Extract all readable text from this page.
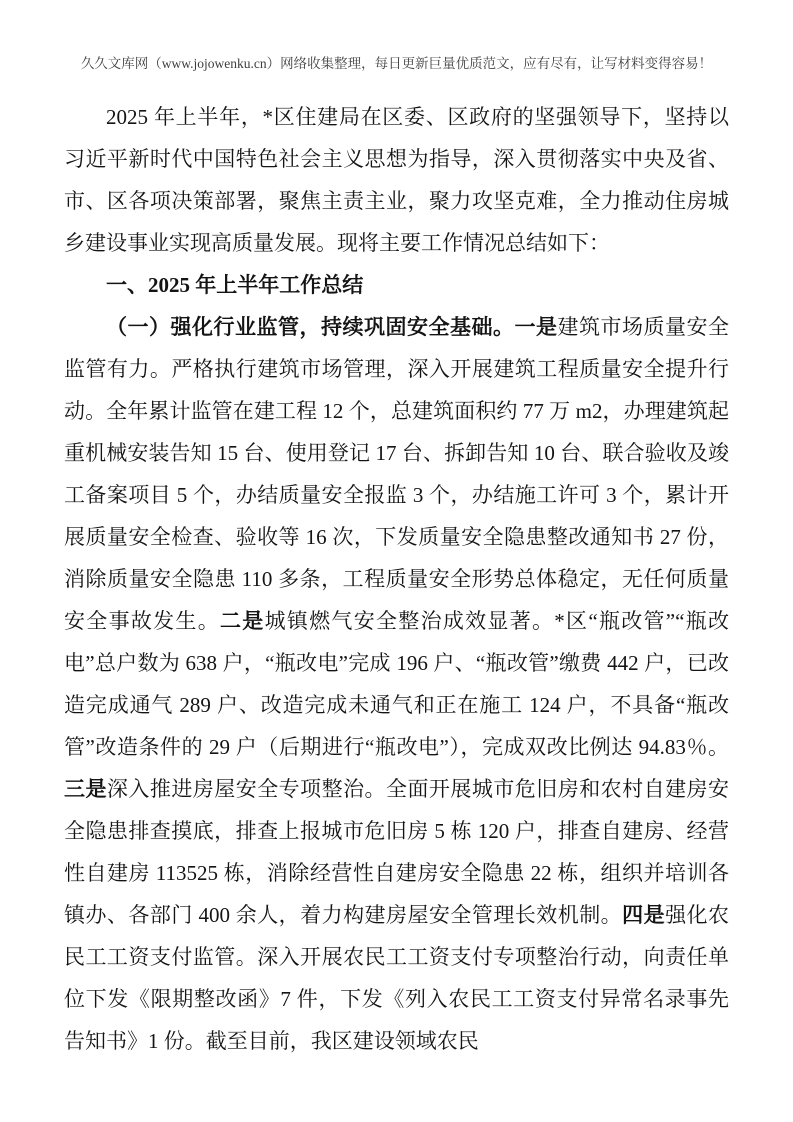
久久文库网（www.jojowenku.cn）网络收集整理，每日更新巨量优质范文，应有尽有，让写材料变得容易！

2025 年上半年，*区住建局在区委、区政府的坚强领导下，坚持以习近平新时代中国特色社会主义思想为指导，深入贯彻落实中央及省、市、区各项决策部署，聚焦主责主业，聚力攻坚克难，全力推动住房城乡建设事业实现高质量发展。现将主要工作情况总结如下：

一、2025 年上半年工作总结

（一）强化行业监管，持续巩固安全基础。一是建筑市场质量安全监管有力。严格执行建筑市场管理，深入开展建筑工程质量安全提升行动。全年累计监管在建工程 12 个，总建筑面积约 77 万 m2，办理建筑起重机械安装告知 15 台、使用登记 17 台、拆卸告知 10 台、联合验收及竣工备案项目 5 个，办结质量安全报监 3 个，办结施工许可 3 个，累计开展质量安全检查、验收等 16 次，下发质量安全隐患整改通知书 27 份，消除质量安全隐患 110 多条，工程质量安全形势总体稳定，无任何质量安全事故发生。二是城镇燃气安全整治成效显著。*区“瓶改管”“瓶改电”总户数为 638 户，“瓶改电”完成 196 户、“瓶改管”缴费 442 户，已改造完成通气 289 户、改造完成未通气和正在施工 124 户，不具备“瓶改管”改造条件的 29 户（后期进行“瓶改电”），完成双改比例达 94.83％。三是深入推进房屋安全专项整治。全面开展城市危旧房和农村自建房安全隐患排查摸底，排查上报城市危旧房 5 栋 120 户，排查自建房、经营性自建房 113525 栋，消除经营性自建房安全隐患 22 栋，组织并培训各镇办、各部门 400 余人，着力构建房屋安全管理长效机制。四是强化农民工工资支付监管。深入开展农民工工资支付专项整治行动，向责任单位下发《限期整改函》7 件，下发《列入农民工工资支付异常名录事先告知书》1 份。截至目前，我区建设领域农民
